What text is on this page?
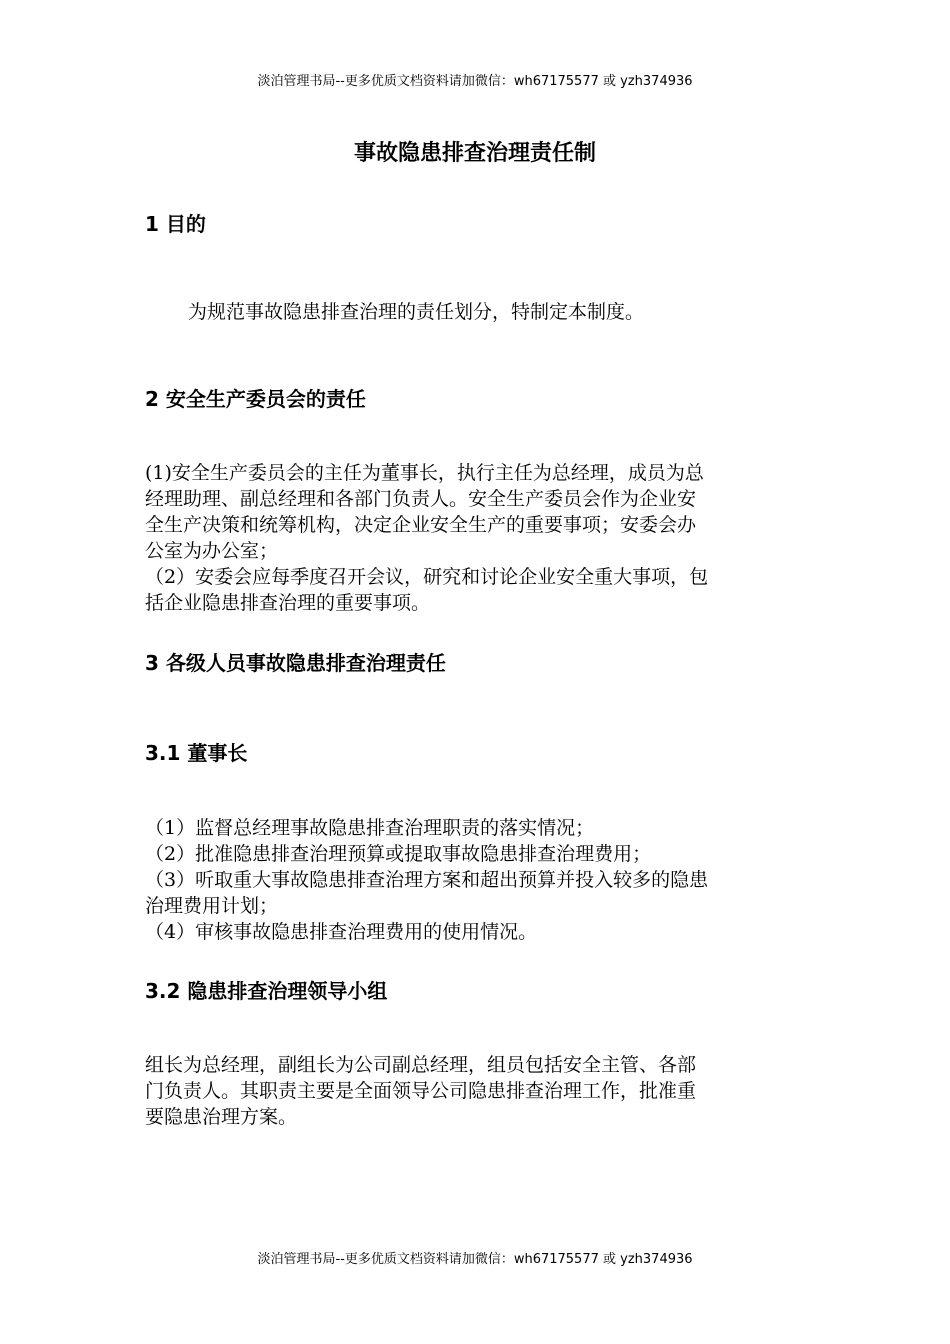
淡泊管理书局--更多优质文档资料请加微信：wh67175577 或 yzh374936
事故隐患排查治理责任制
1 目的
为规范事故隐患排查治理的责任划分，特制定本制度。
2 安全生产委员会的责任
(1)安全生产委员会的主任为董事长，执行主任为总经理，成员为总
经理助理、副总经理和各部门负责人。安全生产委员会作为企业安
全生产决策和统筹机构，决定企业安全生产的重要事项；安委会办
公室为办公室；
（2）安委会应每季度召开会议，研究和讨论企业安全重大事项，包
括企业隐患排查治理的重要事项。
3 各级人员事故隐患排查治理责任
3.1 董事长
（1）监督总经理事故隐患排查治理职责的落实情况；
（2）批准隐患排查治理预算或提取事故隐患排查治理费用；
（3）听取重大事故隐患排查治理方案和超出预算并投入较多的隐患
治理费用计划；
（4）审核事故隐患排查治理费用的使用情况。
3.2 隐患排查治理领导小组
组长为总经理，副组长为公司副总经理，组员包括安全主管、各部
门负责人。其职责主要是全面领导公司隐患排查治理工作，批准重
要隐患治理方案。
淡泊管理书局--更多优质文档资料请加微信：wh67175577 或 yzh374936
